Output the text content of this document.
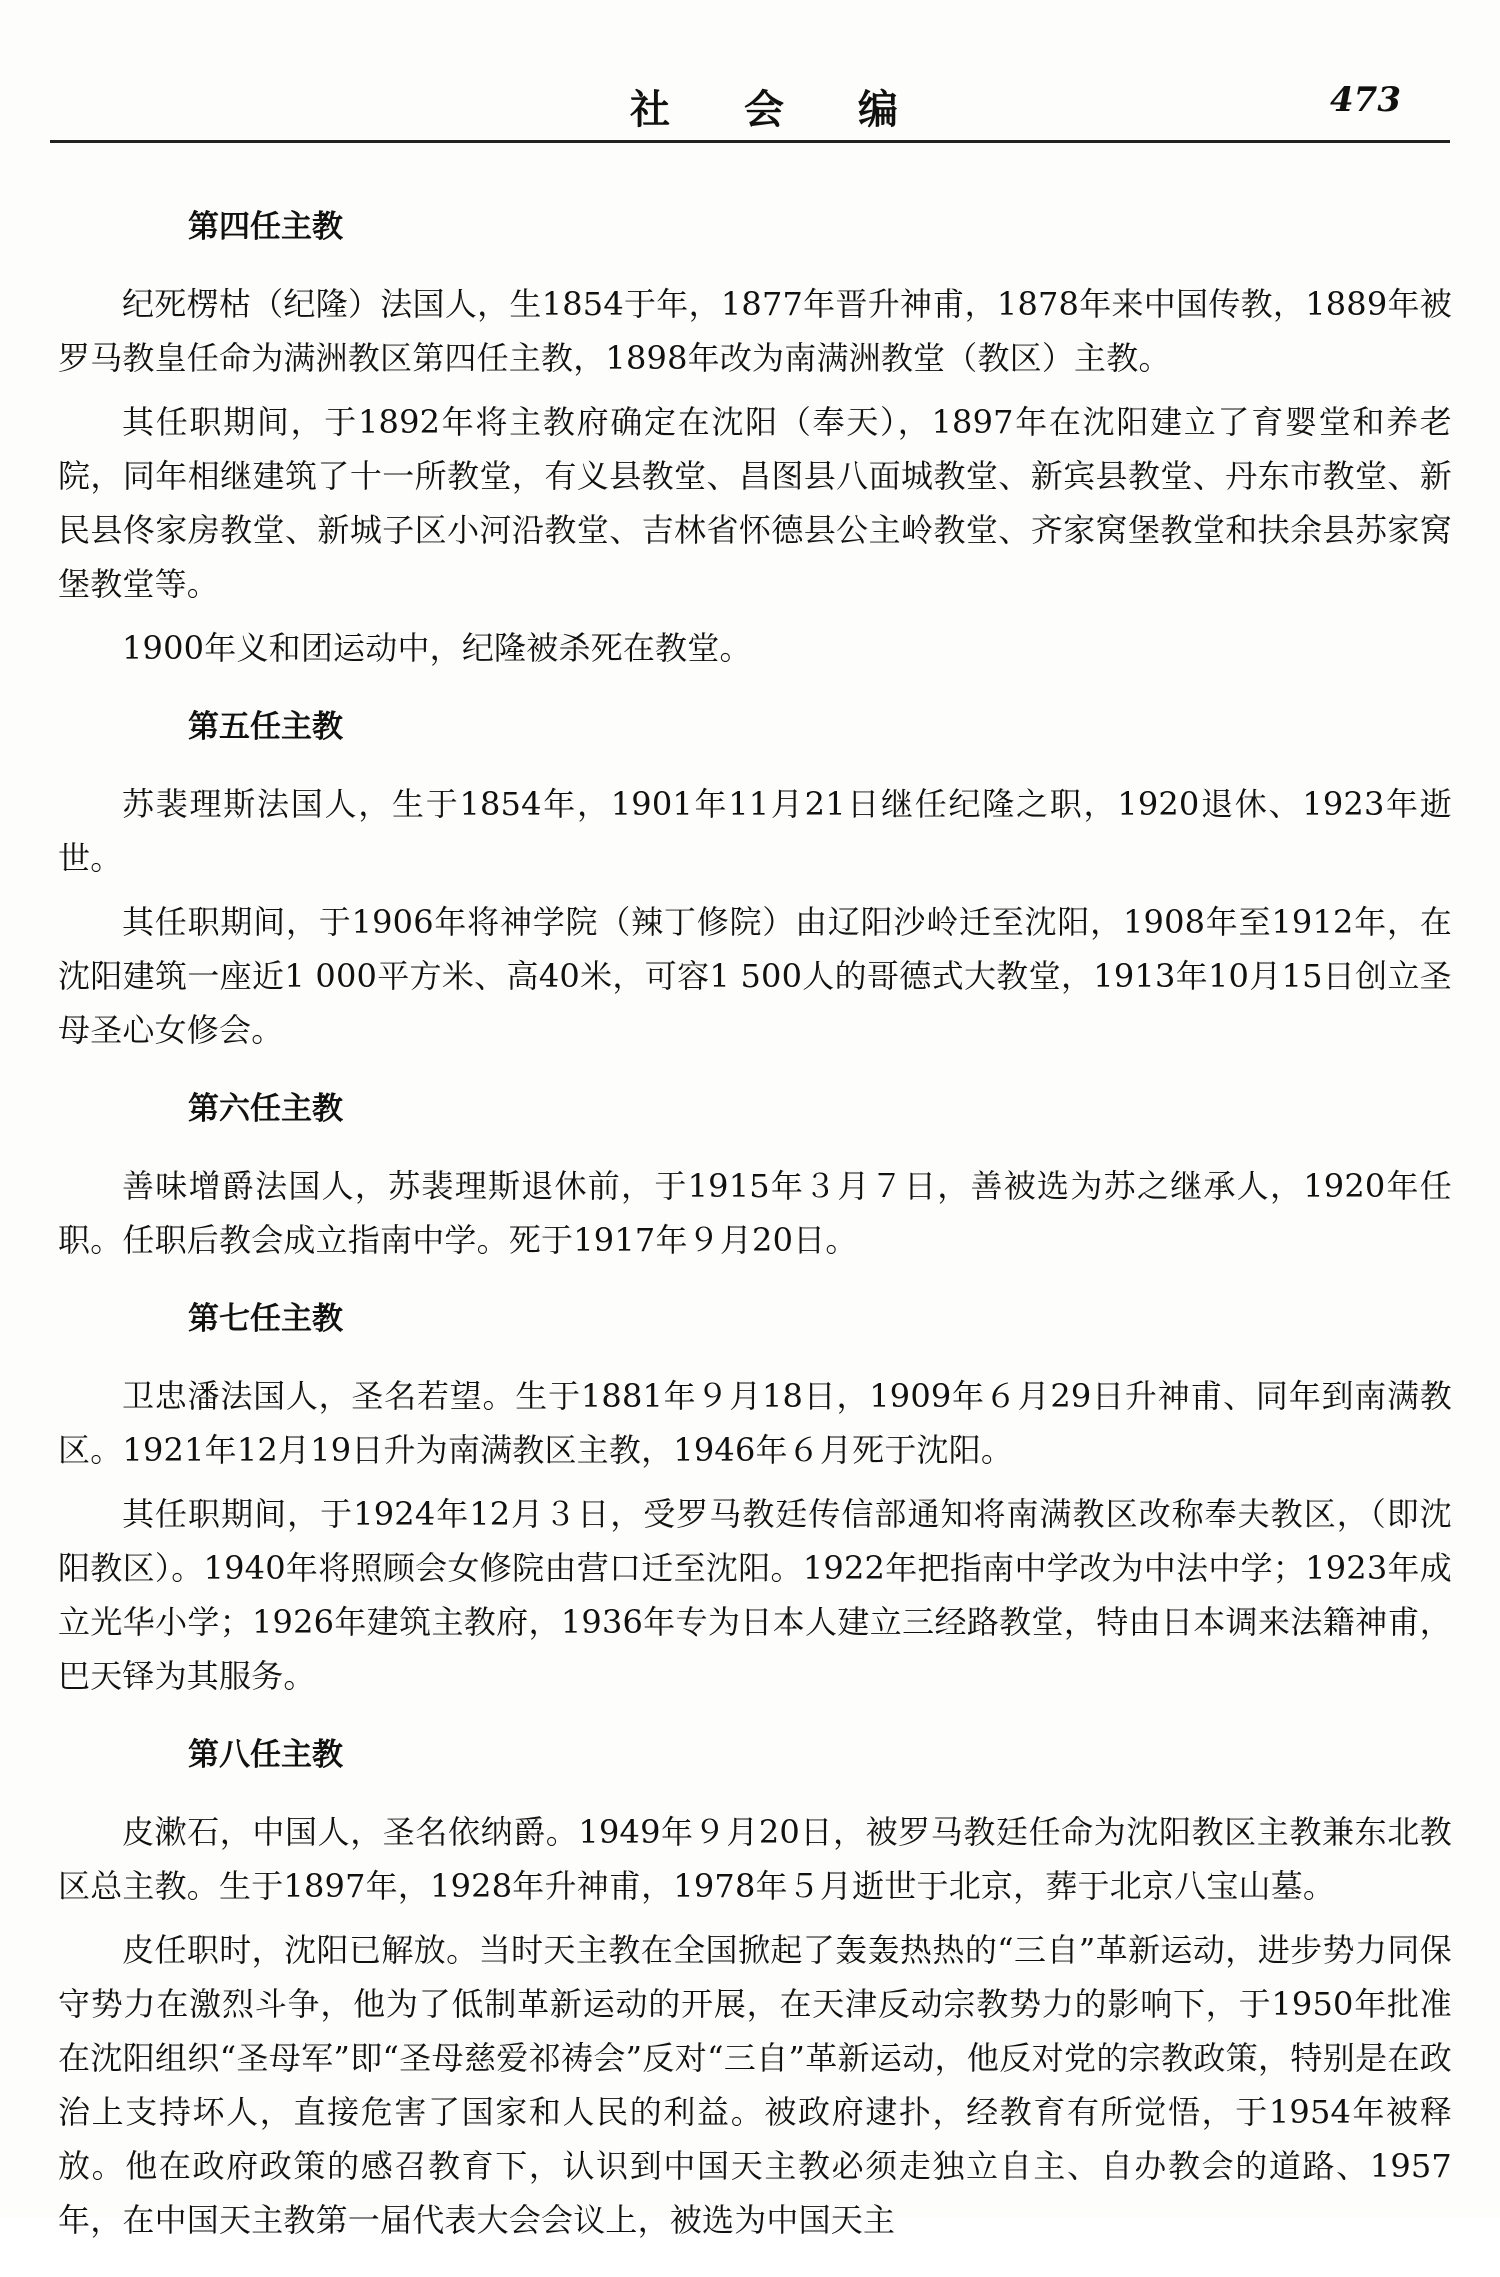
社会编	473
第四任主教

纪死楞枯（纪隆）法国人，生1854于年，1877年晋升神甫，1878年来中国传教，1889年被罗马教皇任命为满洲教区第四任主教，1898年改为南满洲教堂（教区）主教。

其任职期间，于1892年将主教府确定在沈阳（奉天），1897年在沈阳建立了育婴堂和养老院，同年相继建筑了十一所教堂，有义县教堂、昌图县八面城教堂、新宾县教堂、丹东市教堂、新民县佟家房教堂、新城子区小河沿教堂、吉林省怀德县公主岭教堂、齐家窝堡教堂和扶余县苏家窝堡教堂等。

1900年义和团运动中，纪隆被杀死在教堂。

第五任主教

苏裴理斯法国人，生于1854年，1901年11月21日继任纪隆之职，1920退休、1923年逝世。

其任职期间，于1906年将神学院（辣丁修院）由辽阳沙岭迁至沈阳，1908年至1912年，在沈阳建筑一座近1 000平方米、高40米，可容1 500人的哥德式大教堂，1913年10月15日创立圣母圣心女修会。

第六任主教

善味增爵法国人，苏裴理斯退休前，于1915年３月７日，善被选为苏之继承人，1920年任职。任职后教会成立指南中学。死于1917年９月20日。

第七任主教

卫忠潘法国人，圣名若望。生于1881年９月18日，1909年６月29日升神甫、同年到南满教区。1921年12月19日升为南满教区主教，1946年６月死于沈阳。

其任职期间，于1924年12月３日，受罗马教廷传信部通知将南满教区改称奉夫教区，（即沈阳教区）。1940年将照顾会女修院由营口迁至沈阳。1922年把指南中学改为中法中学；1923年成立光华小学；1926年建筑主教府，1936年专为日本人建立三经路教堂，特由日本调来法籍神甫，巴天铎为其服务。

第八任主教

皮漱石，中国人，圣名依纳爵。1949年９月20日，被罗马教廷任命为沈阳教区主教兼东北教区总主教。生于1897年，1928年升神甫，1978年５月逝世于北京，葬于北京八宝山墓。

皮任职时，沈阳已解放。当时天主教在全国掀起了轰轰热热的“三自”革新运动，进步势力同保守势力在激烈斗争，他为了低制革新运动的开展，在天津反动宗教势力的影响下，于1950年批准在沈阳组织“圣母军”即“圣母慈爱祁祷会”反对“三自”革新运动，他反对党的宗教政策，特别是在政治上支持坏人，直接危害了国家和人民的利益。被政府逮扑，经教育有所觉悟，于1954年被释放。他在政府政策的感召教育下，认识到中国天主教必须走独立自主、自办教会的道路、1957年，在中国天主教第一届代表大会会议上，被选为中国天主
